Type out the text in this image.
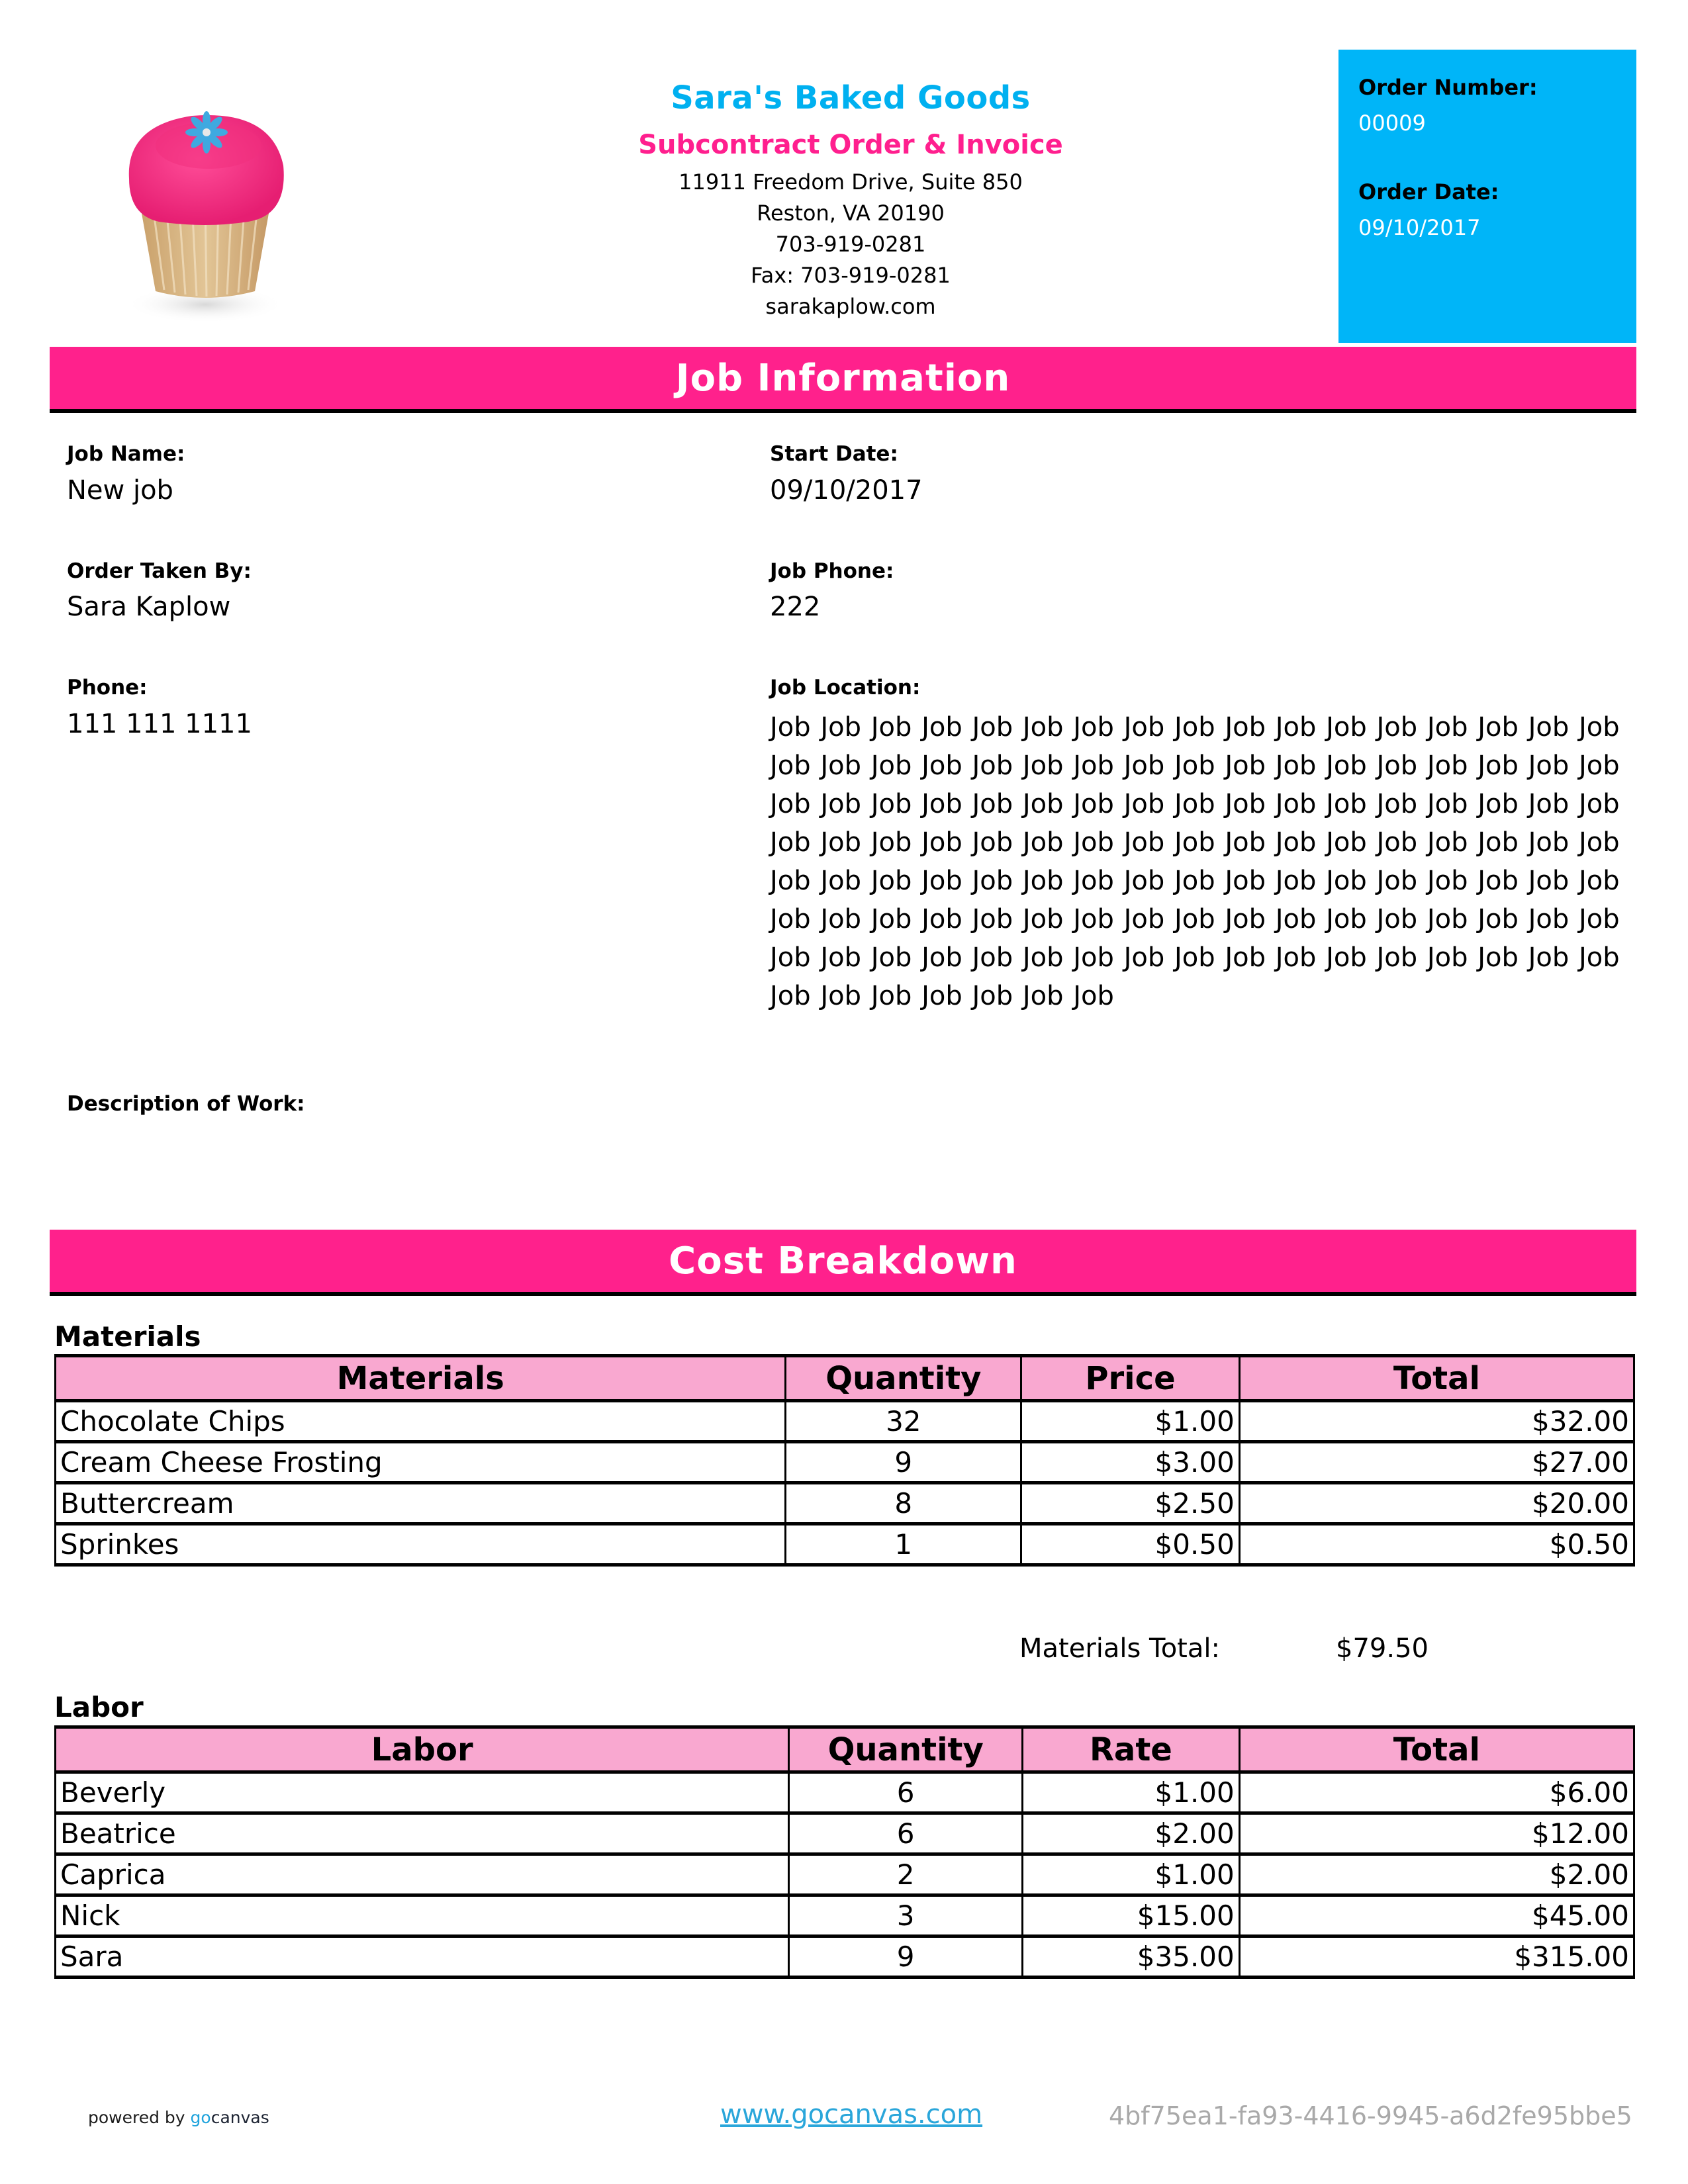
Sara's Baked Goods
Subcontract Order & Invoice
11911 Freedom Drive, Suite 850
Reston, VA 20190
703-919-0281
Fax: 703-919-0281
sarakaplow.com
Order Number:
00009
Order Date:
09/10/2017
Job Information
Job Name:
New job
Start Date:
09/10/2017
Order Taken By:
Sara Kaplow
Job Phone:
222
Phone:
111 111 1111
Job Location:
Job Job Job Job Job Job Job Job Job Job Job Job Job Job Job Job Job Job Job Job Job Job Job Job Job Job Job Job Job Job Job Job Job Job Job Job Job Job Job Job Job Job Job Job Job Job Job Job Job Job Job Job Job Job Job Job Job Job Job Job Job Job Job Job Job Job Job Job Job Job Job Job Job Job Job Job Job Job Job Job Job Job Job Job Job Job Job Job Job Job Job Job Job Job Job Job Job Job Job Job Job Job Job Job Job Job Job Job Job Job Job Job Job Job Job Job Job Job Job Job Job Job Job Job Job Job
Description of Work:
Cost Breakdown
Materials
Materials	Quantity	Price	Total
Chocolate Chips	32	$1.00	$32.00
Cream Cheese Frosting	9	$3.00	$27.00
Buttercream	8	$2.50	$20.00
Sprinkes	1	$0.50	$0.50
Materials Total:	$79.50
Labor
Labor	Quantity	Rate	Total
Beverly	6	$1.00	$6.00
Beatrice	6	$2.00	$12.00
Caprica	2	$1.00	$2.00
Nick	3	$15.00	$45.00
Sara	9	$35.00	$315.00
powered by gocanvas	www.gocanvas.com	4bf75ea1-fa93-4416-9945-a6d2fe95bbe5
